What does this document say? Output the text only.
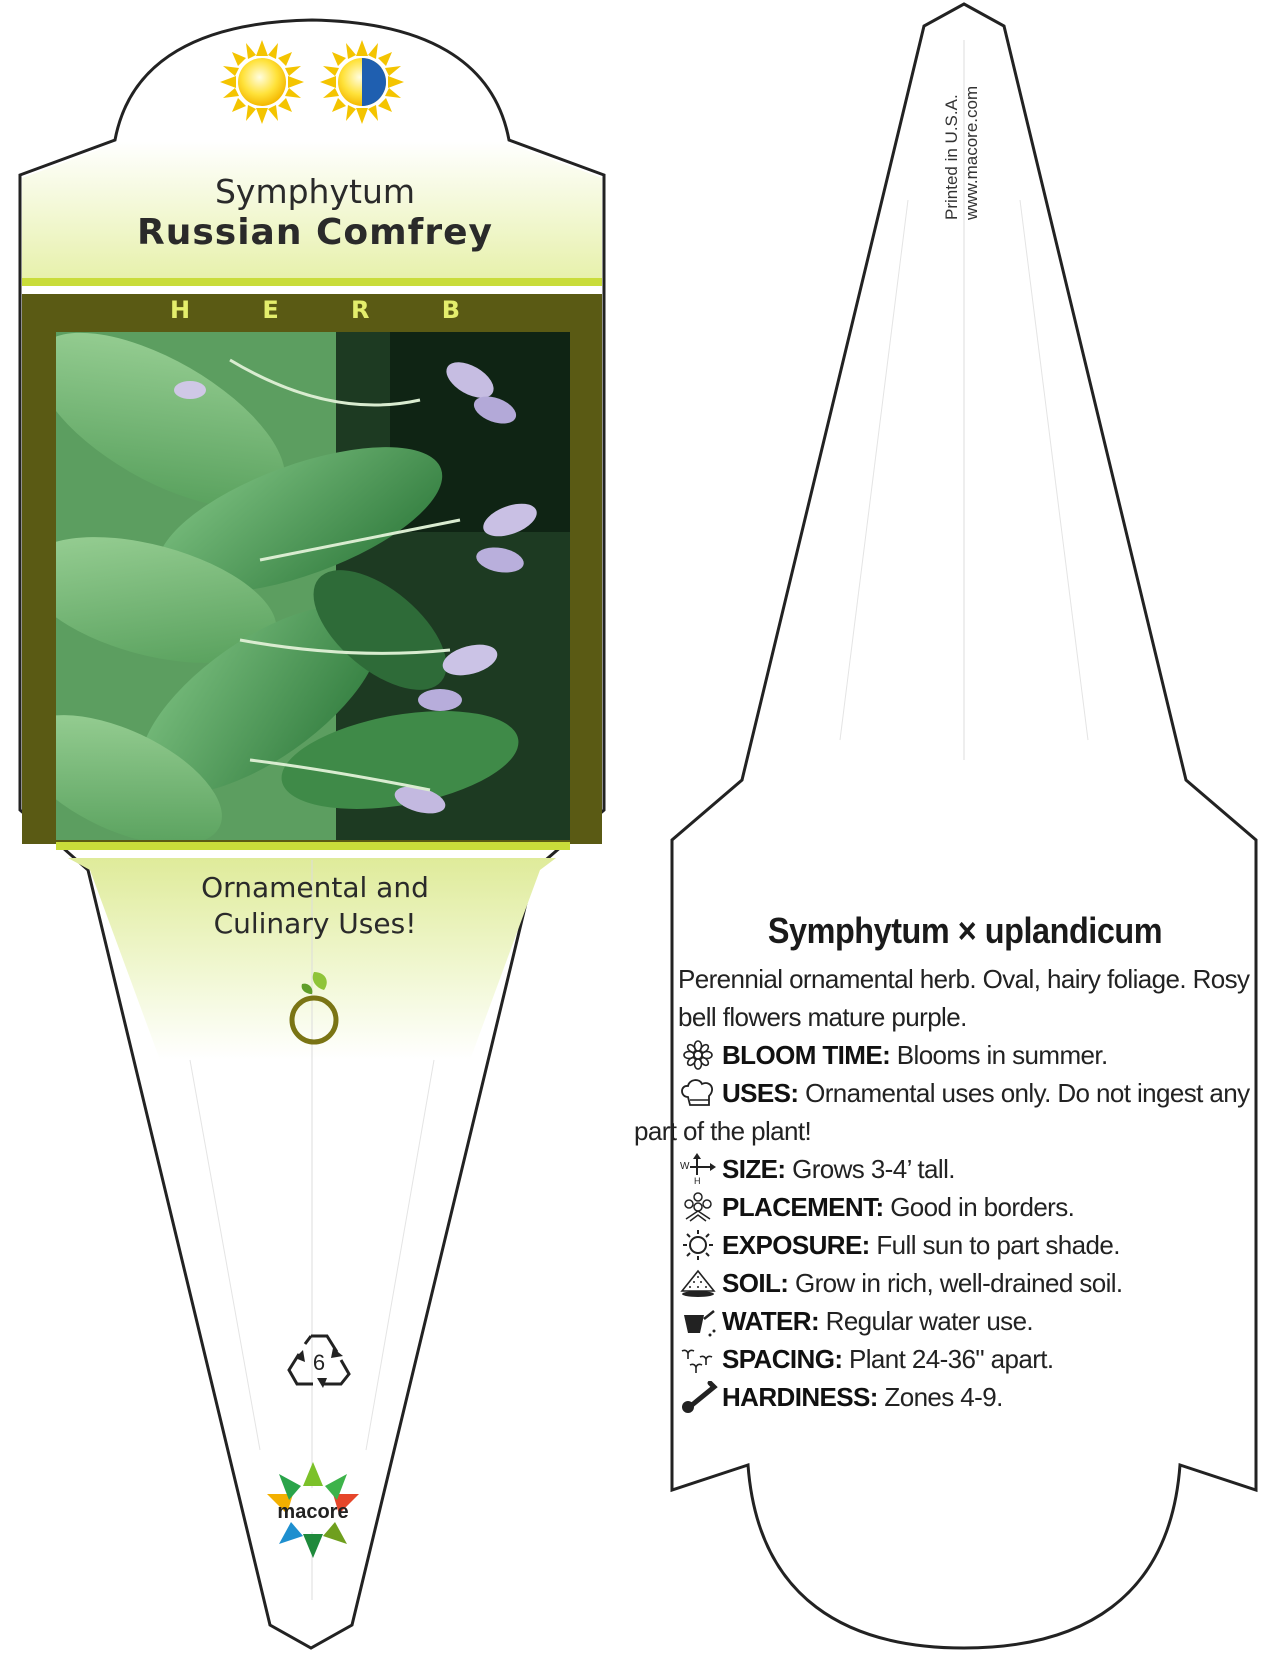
Symphytum
Russian Comfrey
H	E	R	B
Ornamental and
Culinary Uses!
6
macore
Printed in U.S.A. www.macore.com
Symphytum × uplandicum
Perennial ornamental herb. Oval, hairy foliage. Rosy
bell flowers mature purple.
BLOOM TIME: Blooms in summer.
USES: Ornamental uses only. Do not ingest any
part of the plant!
W
H SIZE: Grows 3-4’ tall.
PLACEMENT: Good in borders.
EXPOSURE: Full sun to part shade.
SOIL: Grow in rich, well-drained soil.
WATER: Regular water use.
SPACING: Plant 24-36" apart.
HARDINESS: Zones 4-9.
